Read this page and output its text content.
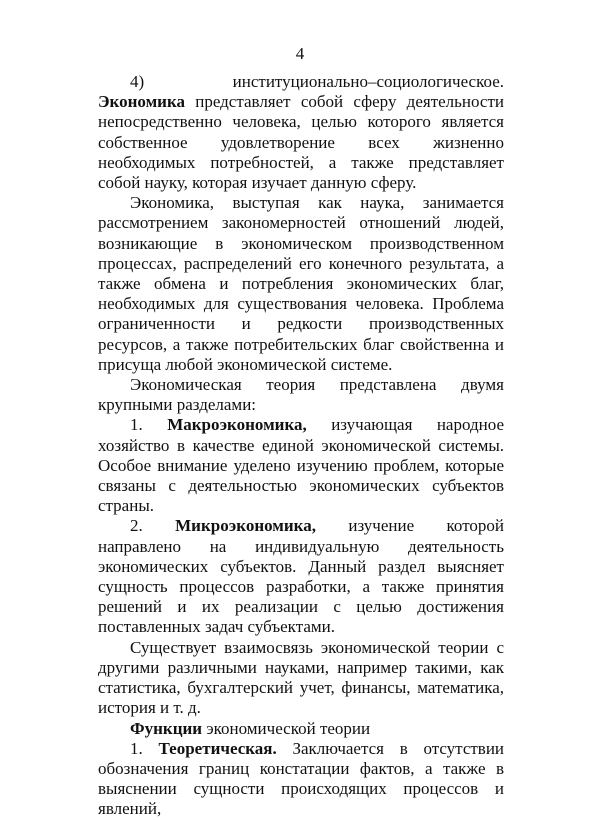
4

4) институционально–социологическое. Экономика представляет собой сферу деятельности непосредственно человека, целью которого является собственное удовлетворение всех жизненно необходимых потребностей, а также представляет собой науку, которая изучает данную сферу.

Экономика, выступая как наука, занимается рассмотрением закономерностей отношений людей, возникающие в экономическом производственном процессах, распределений его конечного результата, а также обмена и потребления экономических благ, необходимых для существования человека. Проблема ограниченности и редкости производственных ресурсов, а также потребительских благ свойственна и присуща любой экономической системе.

Экономическая теория представлена двумя крупными разделами:

1. Макроэкономика, изучающая народное хозяйство в качестве единой экономической системы. Особое внимание уделено изучению проблем, которые связаны с деятельностью экономических субъектов страны.

2. Микроэкономика, изучение которой направлено на индивидуальную деятельность экономических субъектов. Данный раздел выясняет сущность процессов разработки, а также принятия решений и их реализации с целью достижения поставленных задач субъектами.

Существует взаимосвязь экономической теории с другими различными науками, например такими, как статистика, бухгалтерский учет, финансы, математика, история и т. д.

Функции экономической теории

1. Теоретическая. Заключается в отсутствии обозначения границ констатации фактов, а также в выяснении сущности происходящих процессов и явлений,
